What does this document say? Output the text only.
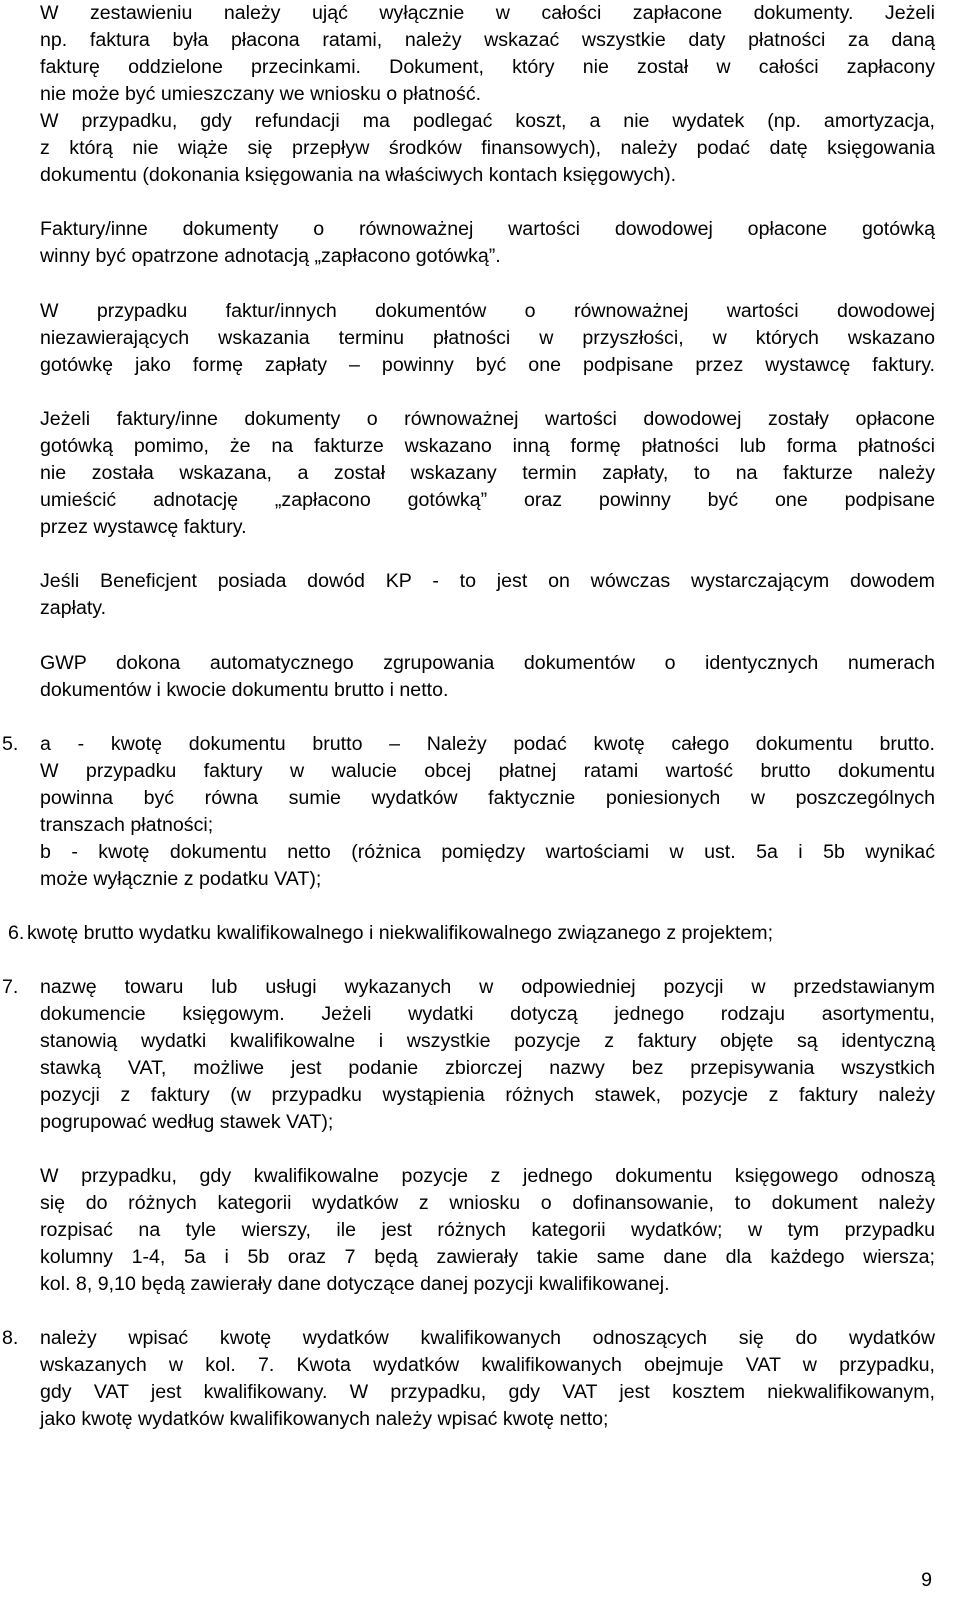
W zestawieniu należy ująć wyłącznie w całości zapłacone dokumenty. Jeżeli
np. faktura była płacona ratami, należy wskazać wszystkie daty płatności za daną
fakturę oddzielone przecinkami. Dokument, który nie został w całości zapłacony
nie może być umieszczany we wniosku o płatność.
W przypadku, gdy refundacji ma podlegać koszt, a nie wydatek (np. amortyzacja,
z którą nie wiąże się przepływ środków finansowych), należy podać datę księgowania
dokumentu (dokonania księgowania na właściwych kontach księgowych).
Faktury/inne dokumenty o równoważnej wartości dowodowej opłacone gotówką
winny być opatrzone adnotacją „zapłacono gotówką”.
W przypadku faktur/innych dokumentów o równoważnej wartości dowodowej
niezawierających wskazania terminu płatności w przyszłości, w których wskazano
gotówkę jako formę zapłaty – powinny być one podpisane przez wystawcę faktury.
Jeżeli faktury/inne dokumenty o równoważnej wartości dowodowej zostały opłacone
gotówką pomimo, że na fakturze wskazano inną formę płatności lub forma płatności
nie została wskazana, a został wskazany termin zapłaty, to na fakturze należy
umieścić adnotację „zapłacono gotówką” oraz powinny być one podpisane
przez wystawcę faktury.
Jeśli Beneficjent posiada dowód KP - to jest on wówczas wystarczającym dowodem
zapłaty.
GWP dokona automatycznego zgrupowania dokumentów o identycznych numerach
dokumentów i kwocie dokumentu brutto i netto.
5. a - kwotę dokumentu brutto – Należy podać kwotę całego dokumentu brutto.
W przypadku faktury w walucie obcej płatnej ratami wartość brutto dokumentu
powinna być równa sumie wydatków faktycznie poniesionych w poszczególnych
transzach płatności;
b - kwotę dokumentu netto (różnica pomiędzy wartościami w ust. 5a i 5b wynikać
może wyłącznie z podatku VAT);
6. kwotę brutto wydatku kwalifikowalnego i niekwalifikowalnego związanego z projektem;
7. nazwę towaru lub usługi wykazanych w odpowiedniej pozycji w przedstawianym
dokumencie księgowym. Jeżeli wydatki dotyczą jednego rodzaju asortymentu,
stanowią wydatki kwalifikowalne i wszystkie pozycje z faktury objęte są identyczną
stawką VAT, możliwe jest podanie zbiorczej nazwy bez przepisywania wszystkich
pozycji z faktury (w przypadku wystąpienia różnych stawek, pozycje z faktury należy
pogrupować według stawek VAT);
W przypadku, gdy kwalifikowalne pozycje z jednego dokumentu księgowego odnoszą
się do różnych kategorii wydatków z wniosku o dofinansowanie, to dokument należy
rozpisać na tyle wierszy, ile jest różnych kategorii wydatków; w tym przypadku
kolumny 1-4, 5a i 5b oraz 7 będą zawierały takie same dane dla każdego wiersza;
kol. 8, 9,10 będą zawierały dane dotyczące danej pozycji kwalifikowanej.
8. należy wpisać kwotę wydatków kwalifikowanych odnoszących się do wydatków
wskazanych w kol. 7. Kwota wydatków kwalifikowanych obejmuje VAT w przypadku,
gdy VAT jest kwalifikowany. W przypadku, gdy VAT jest kosztem niekwalifikowanym,
jako kwotę wydatków kwalifikowanych należy wpisać kwotę netto;
9
